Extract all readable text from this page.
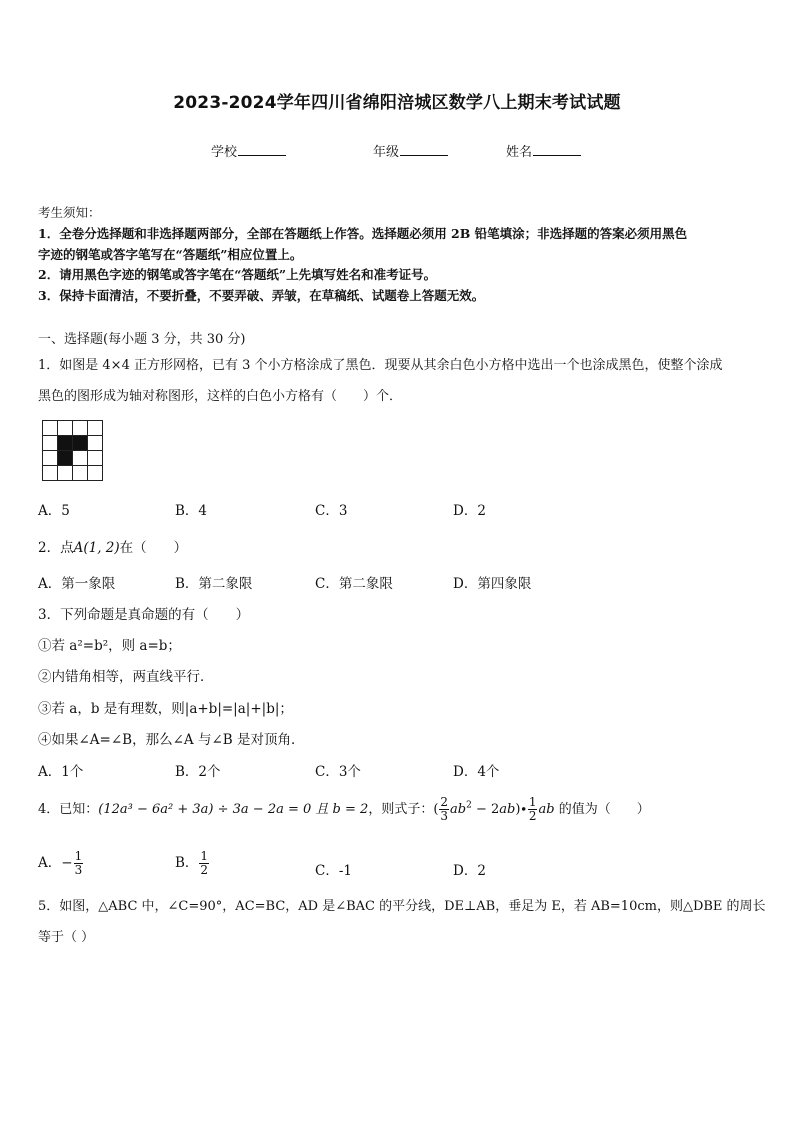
2023-2024学年四川省绵阳涪城区数学八上期末考试试题
学校	年级	姓名
考生须知：
1．全卷分选择题和非选择题两部分，全部在答题纸上作答。选择题必须用 2B 铅笔填涂；非选择题的答案必须用黑色
字迹的钢笔或答字笔写在“答题纸”相应位置上。
2．请用黑色字迹的钢笔或答字笔在“答题纸”上先填写姓名和准考证号。
3．保持卡面清洁，不要折叠，不要弄破、弄皱，在草稿纸、试题卷上答题无效。
一、选择题(每小题 3 分，共 30 分)
1．如图是 4×4 正方形网格，已有 3 个小方格涂成了黑色．现要从其余白色小方格中选出一个也涂成黑色，使整个涂成
黑色的图形成为轴对称图形，这样的白色小方格有（　　）个．
A．5	B．4	C．3	D．2
2．点A(1, 2)在（　　）
A．第一象限	B．第二象限	C．第二象限	D．第四象限
3．下列命题是真命题的有（　　）
①若 a²=b²，则 a=b；
②内错角相等，两直线平行．
③若 a，b 是有理数，则|a+b|=|a|+|b|；
④如果∠A=∠B，那么∠A 与∠B 是对顶角．
A．1个	B．2个	C．3个	D．4个
4．已知：(12a³ − 6a² + 3a) ÷ 3a − 2a = 0 且 b = 2，则式子：( $\frac{2}{3} ab^2 - 2ab)\cdot \frac{1}{2}$ ab 的值为（　　）
A．− $\frac{1}{3}$	B． $\frac{1}{2}$	C．-1	D．2
5．如图，△ABC 中，∠C=90°，AC=BC，AD 是∠BAC 的平分线，DE⊥AB，垂足为 E，若 AB=10cm，则△DBE 的周长
等于（ ）
